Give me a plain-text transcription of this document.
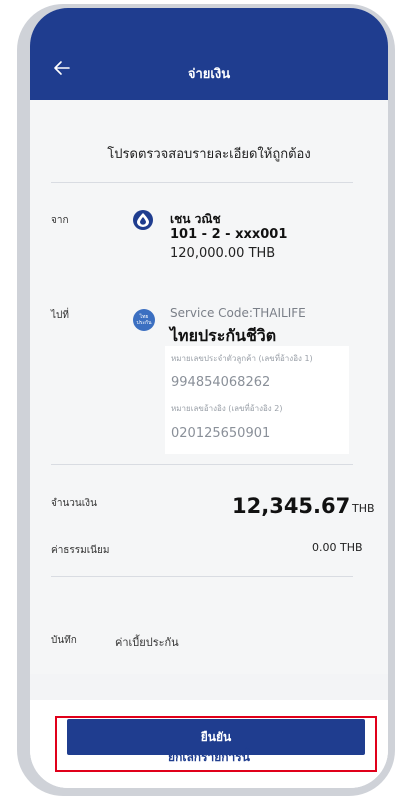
จ่ายเงิน
โปรดตรวจสอบรายละเอียดให้ถูกต้อง
จาก	เชน วณิช
101 - 2 - xxx001
120,000.00 THB
ไปที่	ไทย ประกัน
Service Code:THAILIFE
ไทยประกันชีวิต
หมายเลขประจำตัวลูกค้า (เลขที่อ้างอิง 1)
994854068262
หมายเลขอ้างอิง (เลขที่อ้างอิง 2)
020125650901
จำนวนเงิน	12,345.67 THB
ค่าธรรมเนียม	0.00 THB
บันทึก	ค่าเบี้ยประกัน
ยืนยัน
ยกเลิกรายการนี้
